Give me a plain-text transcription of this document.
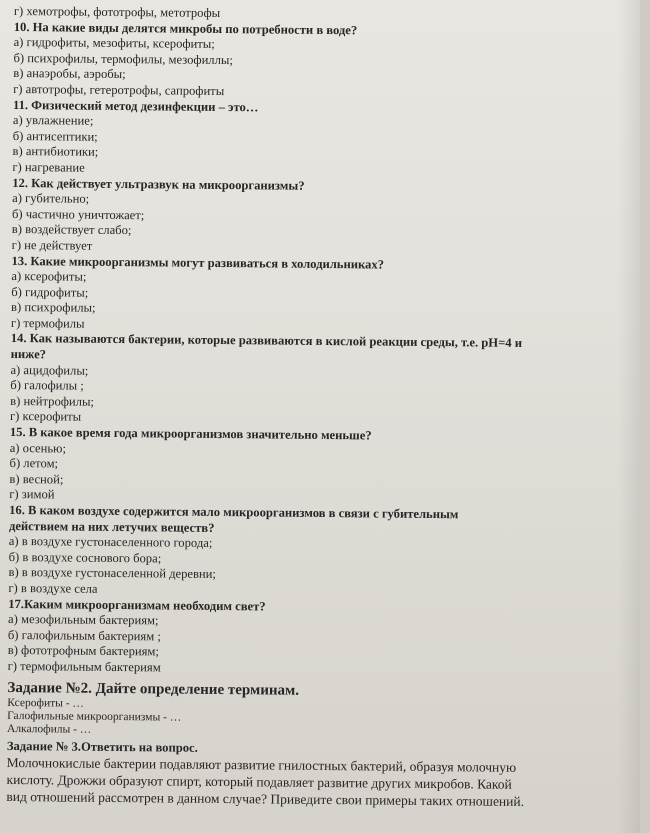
г) хемотрофы, фототрофы, метотрофы
10. На какие виды делятся микробы по потребности в воде?
а) гидрофиты, мезофиты, ксерофиты;
б) психрофилы, термофилы, мезофиллы;
в) анаэробы, аэробы;
г) автотрофы, гетеротрофы, сапрофиты
11. Физический метод дезинфекции – это…
а) увлажнение;
б) антисептики;
в) антибиотики;
г) нагревание
12. Как действует ультразвук на микроорганизмы?
а) губительно;
б) частично уничтожает;
в) воздействует слабо;
г) не действует
13. Какие микроорганизмы могут развиваться в холодильниках?
а) ксерофиты;
б) гидрофиты;
в) психрофилы;
г) термофилы
14. Как называются бактерии, которые развиваются в кислой реакции среды, т.е. рН=4 и ниже?
а) ацидофилы;
б) галофилы ;
в) нейтрофилы;
г) ксерофиты
15. В какое время года микроорганизмов значительно меньше?
а) осенью;
б) летом;
в) весной;
г) зимой
16. В каком воздухе содержится мало микроорганизмов в связи с губительным действием на них летучих веществ?
а) в воздухе густонаселенного города;
б) в воздухе соснового бора;
в) в воздухе густонаселенной деревни;
г) в воздухе села
17.Каким микроорганизмам необходим свет?
а) мезофильным бактериям;
б) галофильным бактериям ;
в) фототрофным бактериям;
г) термофильным бактериям
Задание №2. Дайте определение терминам.
Ксерофиты - …
Галофильные микроорганизмы - …
Алкалофилы - …
Задание № 3.Ответить на вопрос.
Молочнокислые бактерии подавляют развитие гнилостных бактерий, образуя молочную кислоту. Дрожжи образуют спирт, который подавляет развитие других микробов. Какой вид отношений рассмотрен в данном случае? Приведите свои примеры таких отношений.
